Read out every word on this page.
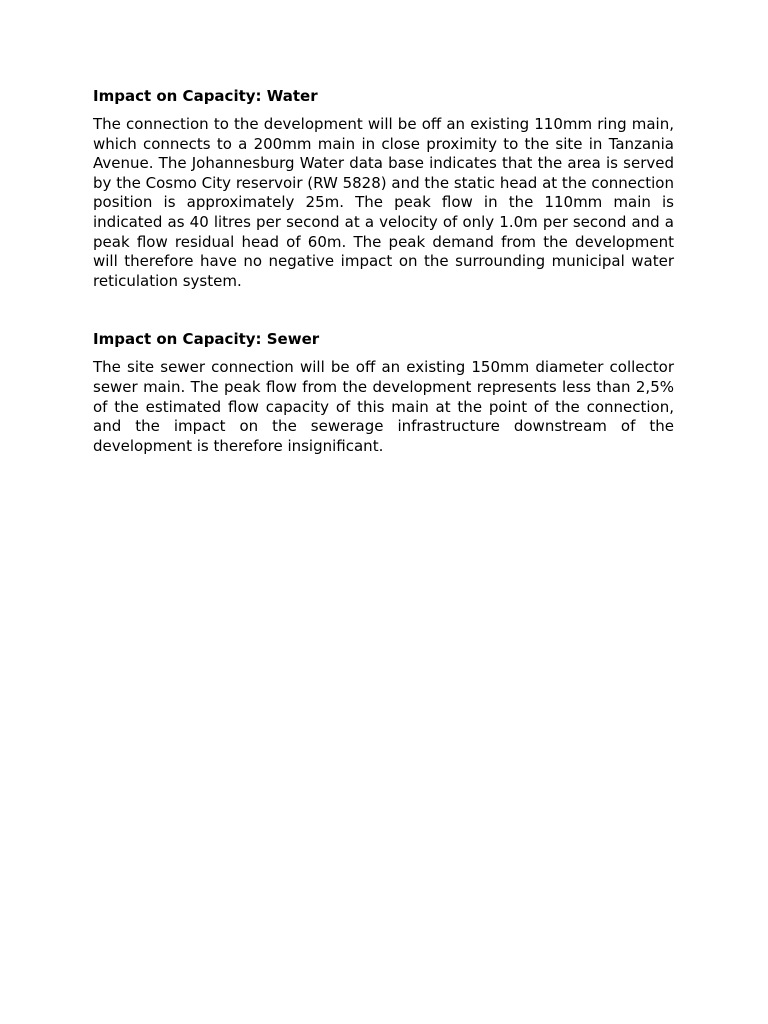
Impact on Capacity: Water

The connection to the development will be off an existing 110mm ring main, which connects to a 200mm main in close proximity to the site in Tanzania Avenue. The Johannesburg Water data base indicates that the area is served by the Cosmo City reservoir (RW 5828) and the static head at the connection position is approximately 25m. The peak flow in the 110mm main is indicated as 40 litres per second at a velocity of only 1.0m per second and a peak flow residual head of 60m. The peak demand from the development will therefore have no negative impact on the surrounding municipal water reticulation system.

Impact on Capacity: Sewer

The site sewer connection will be off an existing 150mm diameter collector sewer main. The peak flow from the development represents less than 2,5% of the estimated flow capacity of this main at the point of the connection, and the impact on the sewerage infrastructure downstream of the development is therefore insignificant.
